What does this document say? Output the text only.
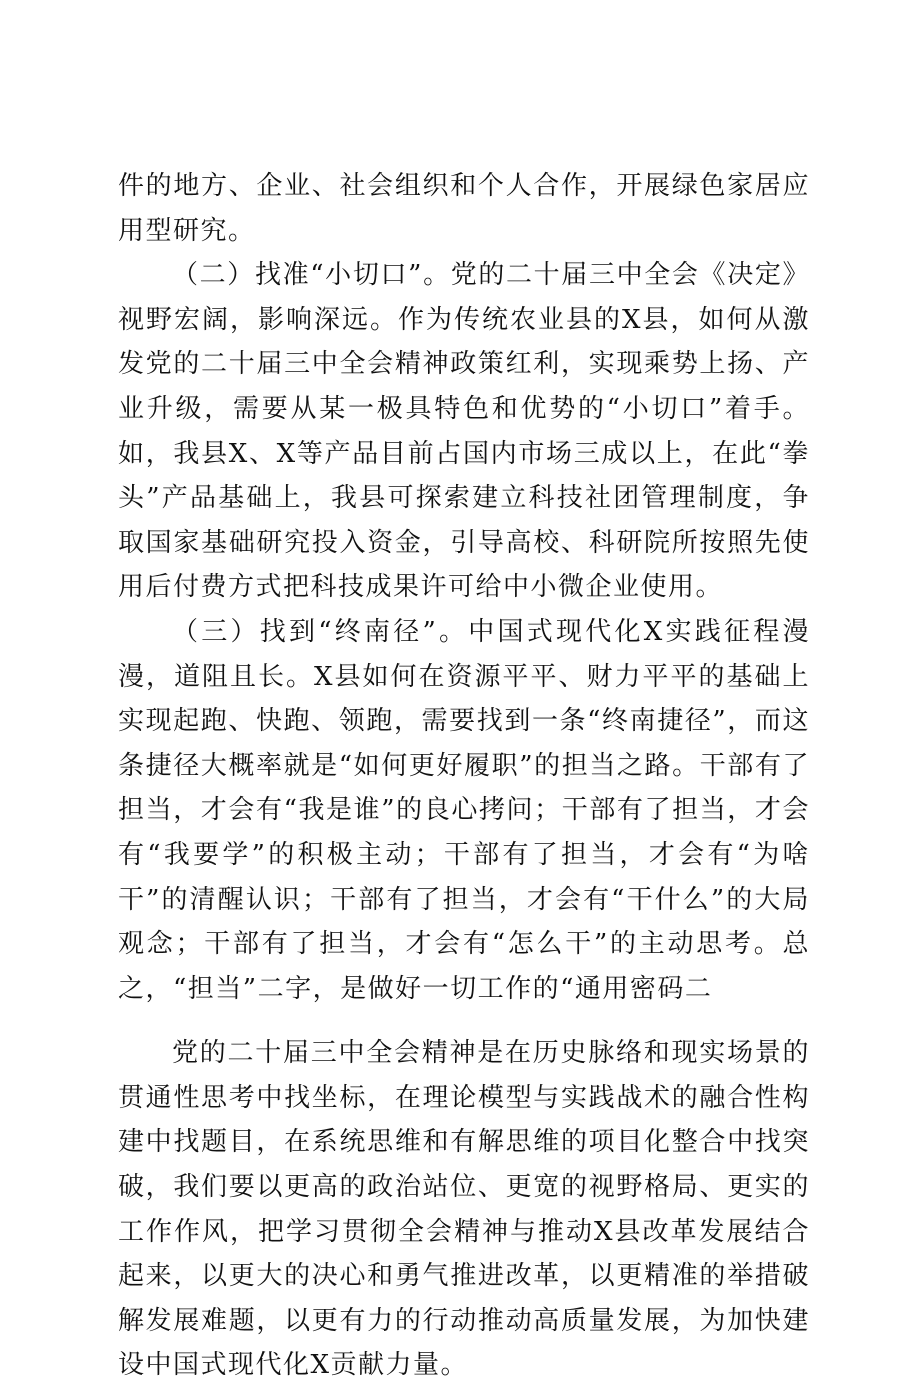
件的地方、企业、社会组织和个人合作，开展绿色家居应用型研究。

（二）找准“小切口”。党的二十届三中全会《决定》视野宏阔，影响深远。作为传统农业县的X县，如何从激发党的二十届三中全会精神政策红利，实现乘势上扬、产业升级，需要从某一极具特色和优势的“小切口”着手。如，我县X、X等产品目前占国内市场三成以上，在此“拳头”产品基础上，我县可探索建立科技社团管理制度，争取国家基础研究投入资金，引导高校、科研院所按照先使用后付费方式把科技成果许可给中小微企业使用。

（三）找到“终南径”。中国式现代化X实践征程漫漫，道阻且长。X县如何在资源平平、财力平平的基础上实现起跑、快跑、领跑，需要找到一条“终南捷径”，而这条捷径大概率就是“如何更好履职”的担当之路。干部有了担当，才会有“我是谁”的良心拷问；干部有了担当，才会有“我要学”的积极主动；干部有了担当，才会有“为啥干”的清醒认识；干部有了担当，才会有“干什么”的大局观念；干部有了担当，才会有“怎么干”的主动思考。总之，“担当”二字，是做好一切工作的“通用密码二

党的二十届三中全会精神是在历史脉络和现实场景的贯通性思考中找坐标，在理论模型与实践战术的融合性构建中找题目，在系统思维和有解思维的项目化整合中找突破，我们要以更高的政治站位、更宽的视野格局、更实的工作作风，把学习贯彻全会精神与推动X县改革发展结合起来，以更大的决心和勇气推进改革，以更精准的举措破解发展难题，以更有力的行动推动高质量发展，为加快建设中国式现代化X贡献力量。
